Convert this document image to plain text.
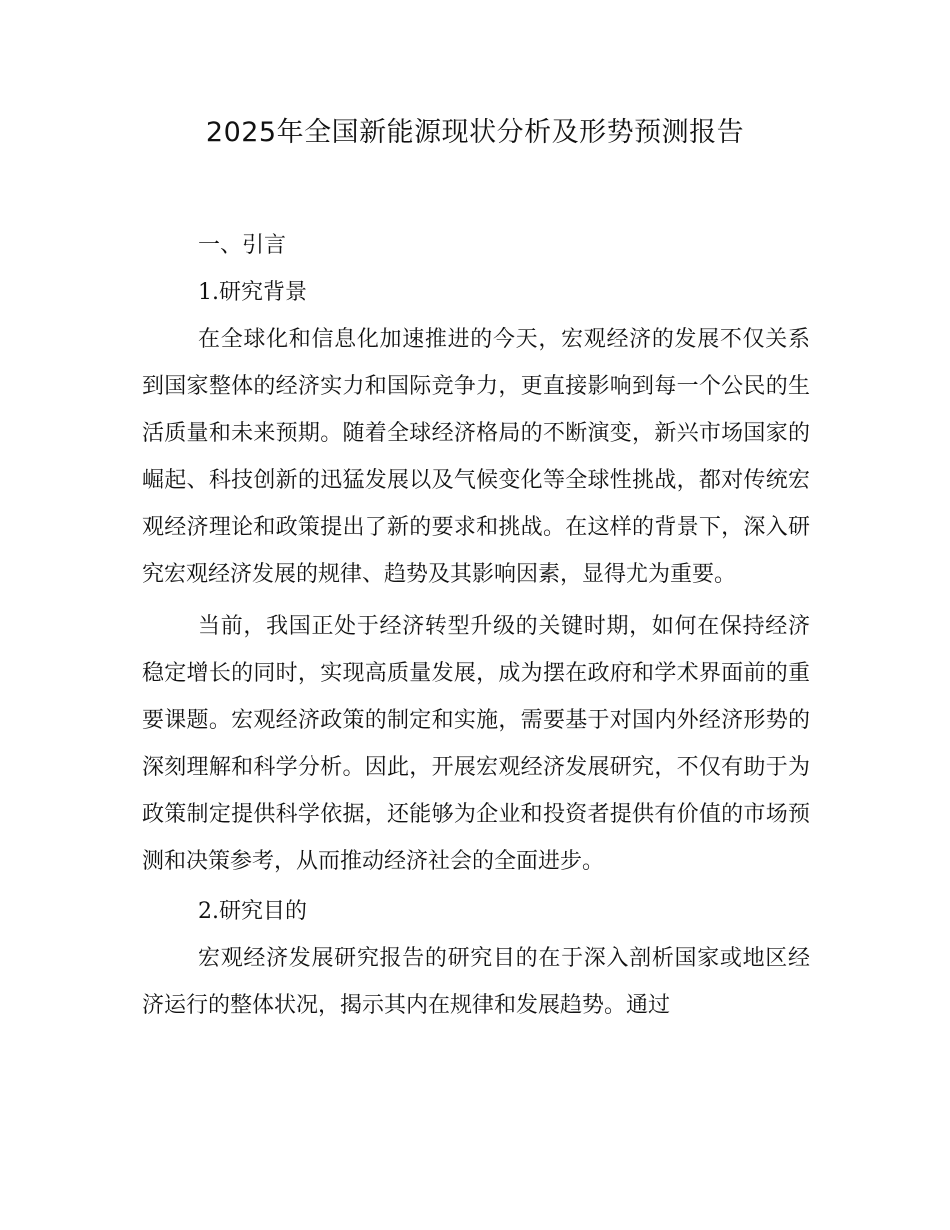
2025年全国新能源现状分析及形势预测报告
一、引言
1.研究背景

在全球化和信息化加速推进的今天，宏观经济的发展不仅关系到国家整体的经济实力和国际竞争力，更直接影响到每一个公民的生活质量和未来预期。随着全球经济格局的不断演变，新兴市场国家的崛起、科技创新的迅猛发展以及气候变化等全球性挑战，都对传统宏观经济理论和政策提出了新的要求和挑战。在这样的背景下，深入研究宏观经济发展的规律、趋势及其影响因素，显得尤为重要。

当前，我国正处于经济转型升级的关键时期，如何在保持经济稳定增长的同时，实现高质量发展，成为摆在政府和学术界面前的重要课题。宏观经济政策的制定和实施，需要基于对国内外经济形势的深刻理解和科学分析。因此，开展宏观经济发展研究，不仅有助于为政策制定提供科学依据，还能够为企业和投资者提供有价值的市场预测和决策参考，从而推动经济社会的全面进步。

2.研究目的

宏观经济发展研究报告的研究目的在于深入剖析国家或地区经济运行的整体状况，揭示其内在规律和发展趋势。通过
